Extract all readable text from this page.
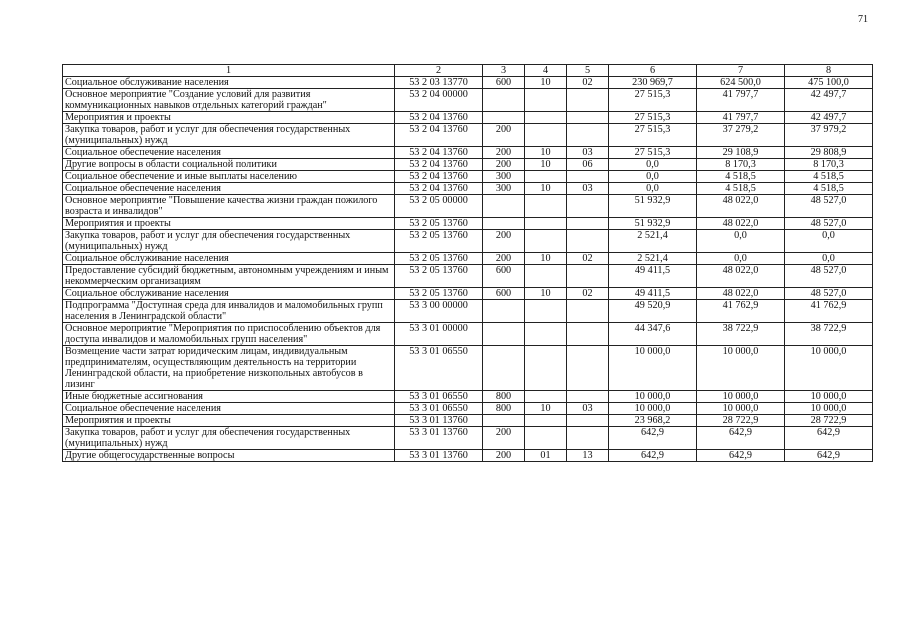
71
1	2	3	4	5	6	7	8
Социальное обслуживание населения	53 2 03 13770	600	10	02	230 969,7	624 500,0	475 100,0
Основное мероприятие "Создание условий для развития коммуникационных навыков отдельных категорий граждан"	53 2 04 00000				27 515,3	41 797,7	42 497,7
Мероприятия и проекты	53 2 04 13760				27 515,3	41 797,7	42 497,7
Закупка товаров, работ и услуг для обеспечения государственных (муниципальных) нужд	53 2 04 13760	200			27 515,3	37 279,2	37 979,2
Социальное обеспечение населения	53 2 04 13760	200	10	03	27 515,3	29 108,9	29 808,9
Другие вопросы в области социальной политики	53 2 04 13760	200	10	06	0,0	8 170,3	8 170,3
Социальное обеспечение и иные выплаты населению	53 2 04 13760	300			0,0	4 518,5	4 518,5
Социальное обеспечение населения	53 2 04 13760	300	10	03	0,0	4 518,5	4 518,5
Основное мероприятие "Повышение качества жизни граждан пожилого возраста и инвалидов"	53 2 05 00000				51 932,9	48 022,0	48 527,0
Мероприятия и проекты	53 2 05 13760				51 932,9	48 022,0	48 527,0
Закупка товаров, работ и услуг для обеспечения государственных (муниципальных) нужд	53 2 05 13760	200			2 521,4	0,0	0,0
Социальное обслуживание населения	53 2 05 13760	200	10	02	2 521,4	0,0	0,0
Предоставление субсидий бюджетным, автономным учреждениям и иным некоммерческим организациям	53 2 05 13760	600			49 411,5	48 022,0	48 527,0
Социальное обслуживание населения	53 2 05 13760	600	10	02	49 411,5	48 022,0	48 527,0
Подпрограмма "Доступная среда для инвалидов и маломобильных групп населения в Ленинградской области"	53 3 00 00000				49 520,9	41 762,9	41 762,9
Основное мероприятие "Мероприятия по приспособлению объектов для доступа инвалидов и маломобильных групп населения"	53 3 01 00000				44 347,6	38 722,9	38 722,9
Возмещение части затрат юридическим лицам, индивидуальным предпринимателям, осуществляющим деятельность на территории Ленинградской области, на приобретение низкопольных автобусов в лизинг	53 3 01 06550				10 000,0	10 000,0	10 000,0
Иные бюджетные ассигнования	53 3 01 06550	800			10 000,0	10 000,0	10 000,0
Социальное обеспечение населения	53 3 01 06550	800	10	03	10 000,0	10 000,0	10 000,0
Мероприятия и проекты	53 3 01 13760				23 968,2	28 722,9	28 722,9
Закупка товаров, работ и услуг для обеспечения государственных (муниципальных) нужд	53 3 01 13760	200			642,9	642,9	642,9
Другие общегосударственные вопросы	53 3 01 13760	200	01	13	642,9	642,9	642,9
